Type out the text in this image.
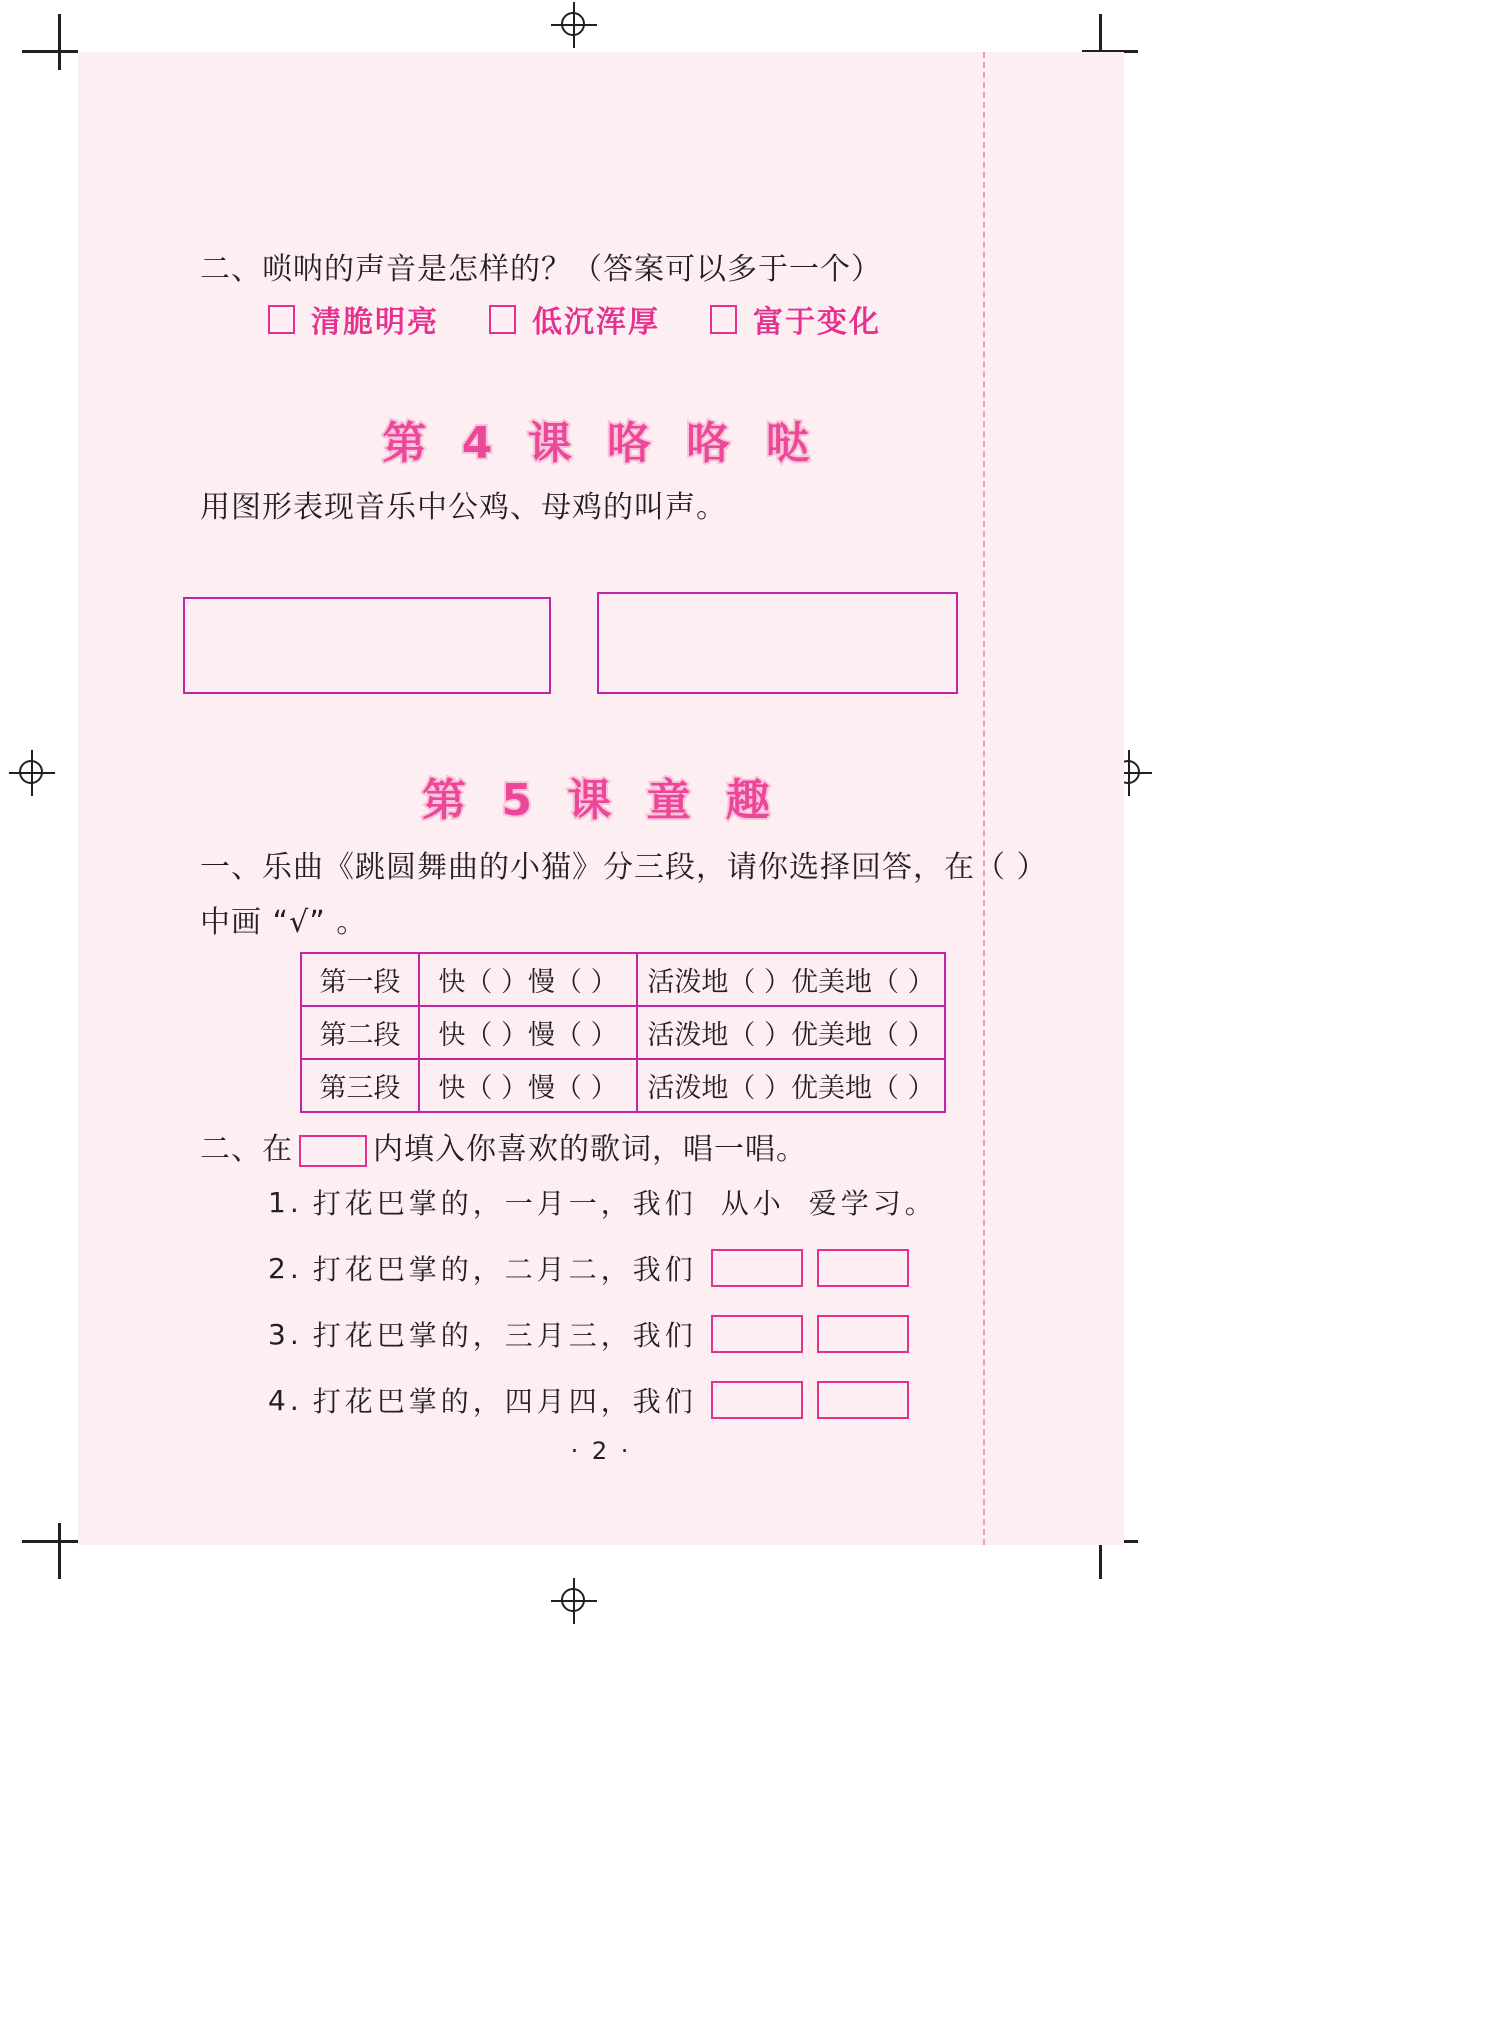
二、唢呐的声音是怎样的？（答案可以多于一个）
清脆明亮	低沉浑厚	富于变化
第 4 课 咯 咯 哒
用图形表现音乐中公鸡、母鸡的叫声。
第 5 课 童 趣
一、乐曲《跳圆舞曲的小猫》分三段，请你选择回答，在（ ）
中画 “√” 。
第一段	快（ ）慢（ ）	活泼地（ ）优美地（ ）
第二段	快（ ）慢（ ）	活泼地（ ）优美地（ ）
第三段	快（ ）慢（ ）	活泼地（ ）优美地（ ）
二、在	内填入你喜欢的歌词，唱一唱。
1. 打花巴掌的，一月一，我们 从小 爱学习。
2. 打花巴掌的，二月二，我们
3. 打花巴掌的，三月三，我们
4. 打花巴掌的，四月四，我们
· 2 ·
